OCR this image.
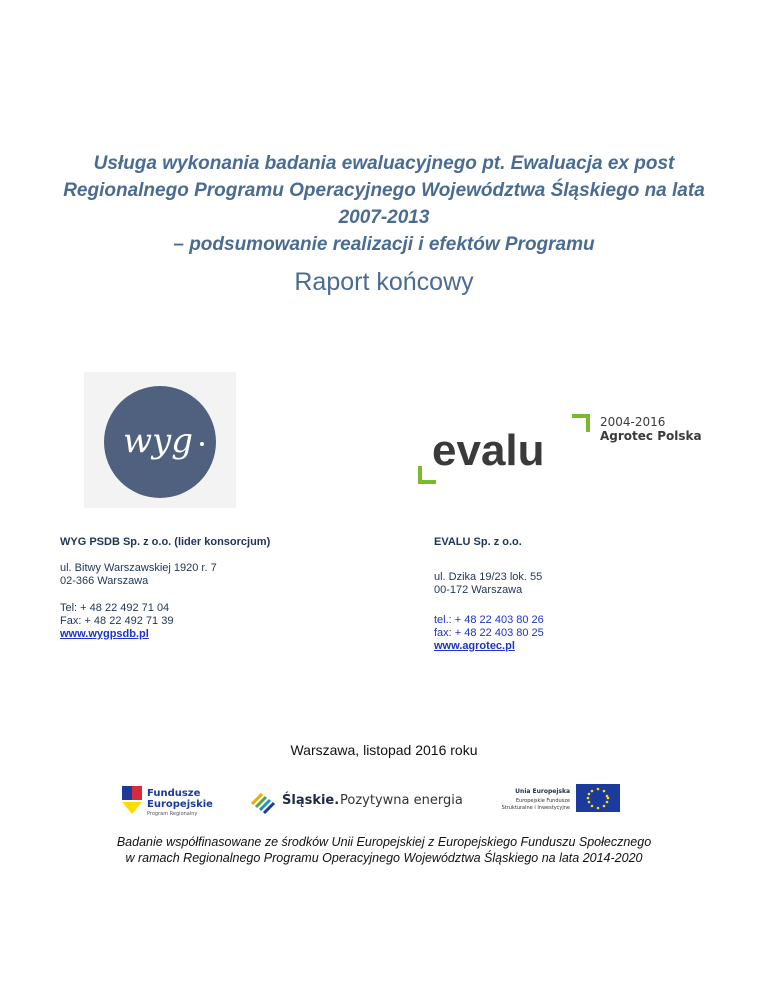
Usługa wykonania badania ewaluacyjnego pt. Ewaluacja ex post
Regionalnego Programu Operacyjnego Województwa Śląskiego na lata
2007-2013
– podsumowanie realizacji i efektów Programu
Raport końcowy
wyg	evalu
2004-2016
Agrotec Polska
WYG PSDB Sp. z o.o. (lider konsorcjum)
ul. Bitwy Warszawskiej 1920 r. 7
02-366 Warszawa
Tel: + 48 22 492 71 04
Fax: + 48 22 492 71 39
www.wygpsdb.pl
EVALU Sp. z o.o.
ul. Dzika 19/23 lok. 55
00-172 Warszawa
tel.: + 48 22 403 80 26
fax: + 48 22 403 80 25
www.agrotec.pl
Warszawa, listopad 2016 roku
Fundusze
Europejskie
Program Regionalny
Śląskie. Pozytywna energia
Unia Europejska
Europejskie Fundusze
Strukturalne i Inwestycyjne
Badanie współfinasowane ze środków Unii Europejskiej z Europejskiego Funduszu Społecznego
w ramach Regionalnego Programu Operacyjnego Województwa Śląskiego na lata 2014-2020
